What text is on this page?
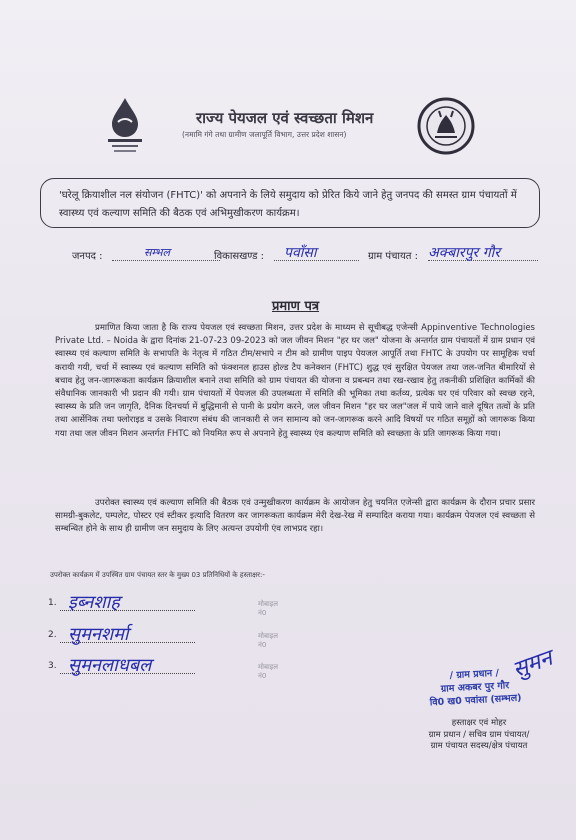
राज्य पेयजल एवं स्वच्छता मिशन
(नमामि गंगे तथा ग्रामीण जलापूर्ति विभाग, उत्तर प्रदेश शासन)
'घरेलू क्रियाशील नल संयोजन (FHTC)' को अपनाने के लिये समुदाय को प्रेरित किये जाने हेतु जनपद की समस्त ग्राम पंचायतों में स्वास्थ्य एवं कल्याण समिति की बैठक एवं अभिमुखीकरण कार्यक्रम।
जनपद :	सम्भल	विकासखण्ड : पवाँसा	ग्राम पंचायत : अक्बारपुर गौर
प्रमाण पत्र
प्रमाणित किया जाता है कि राज्य पेयजल एवं स्वच्छता मिशन, उत्तर प्रदेश के माध्यम से सूचीबद्ध एजेन्सी Appinventive Technologies Private Ltd. – Noida के द्वारा दिनांक 21-07-23 09-2023 को जल जीवन मिशन "हर घर जल" योजना के अन्तर्गत ग्राम पंचायतों में ग्राम प्रधान एवं स्वास्थ्य एवं कल्याण समिति के सभापति के नेतृत्व में गठित टीम/सभापे न टीम को ग्रामीण पाइप पेयजल आपूर्ति तथा FHTC के उपयोग पर सामूहिक चर्चा करायी गयी, चर्चा में स्वास्थ्य एवं कल्याण समिति को फंक्शनल हाउस होल्ड टैप कनेक्शन (FHTC) शुद्ध एवं सुरक्षित पेयजल तथा जल-जनित बीमारियों से बचाव हेतु जन-जागरूकता कार्यक्रम क्रियाशील बनाने तथा समिति को ग्राम पंचायत की योजना व प्रबन्धन तथा रख-रखाव हेतु तकनीकी प्रशिक्षित कार्मिकों की संवैधानिक जानकारी भी प्रदान की गयी। ग्राम पंचायतों में पेयजल की उपलब्धता में समिति की भूमिका तथा कर्तव्य, प्रत्येक घर एवं परिवार को स्वच्छ रहने, स्वास्थ्य के प्रति जन जागृति, दैनिक दिनचर्या में बुद्धिमानी से पानी के प्रयोग करने, जल जीवन मिशन "हर घर जल"जल में पाये जाने वाले दूषित तत्वों के प्रति तथा आर्सेनिक तथा फ्लोराइड व उसके निवारण संबंध की जानकारी से जन सामान्य को जन-जागरूक करने आदि विषयों पर गठित समूहों को जागरूक किया गया तथा जल जीवन मिशन अन्तर्गत FHTC को नियमित रूप से अपनाने हेतु स्वास्थ्य एंव कल्याण समिति को स्वच्छता के प्रति जागरूक किया गया।
उपरोक्त स्वास्थ्य एवं कल्याण समिति की बैठक एवं उन्मुखीकरण कार्यक्रम के आयोजन हेतु चयनित एजेन्सी द्वारा कार्यक्रम के दौरान प्रचार प्रसार सामग्री-बुकलेट, पम्पलेट, पोस्टर एवं स्टीकर इत्यादि वितरण कर जागरूकता कार्यक्रम मेरी देख-रेख में सम्पादित कराया गया। कार्यक्रम पेयजल एवं स्वच्छता से सम्बन्धित होने के साथ ही ग्रामीण जन समुदाय के लिए अत्यन्त उपयोगी एंव लाभप्रद रहा।
उपरोक्त कार्यक्रम में उपस्थित ग्राम पंचायत स्तर के मुख्य 03 प्रतिनिधियों के हस्ताक्षर:-
1. इब्नशाह	मोबाइल नं0
2. सुमनशर्मा	मोबाइल नं0
3. सुमनलाधबल	मोबाइल नं0	/ ग्राम प्रधान /
ग्राम अकबर पुर गौर
वि0 ख0 पवांसा (सम्भल)
सुमन
हस्ताक्षर एवं मोहर
ग्राम प्रधान / सचिव ग्राम पंचायत/
ग्राम पंचायत सदस्य/क्षेत्र पंचायत
